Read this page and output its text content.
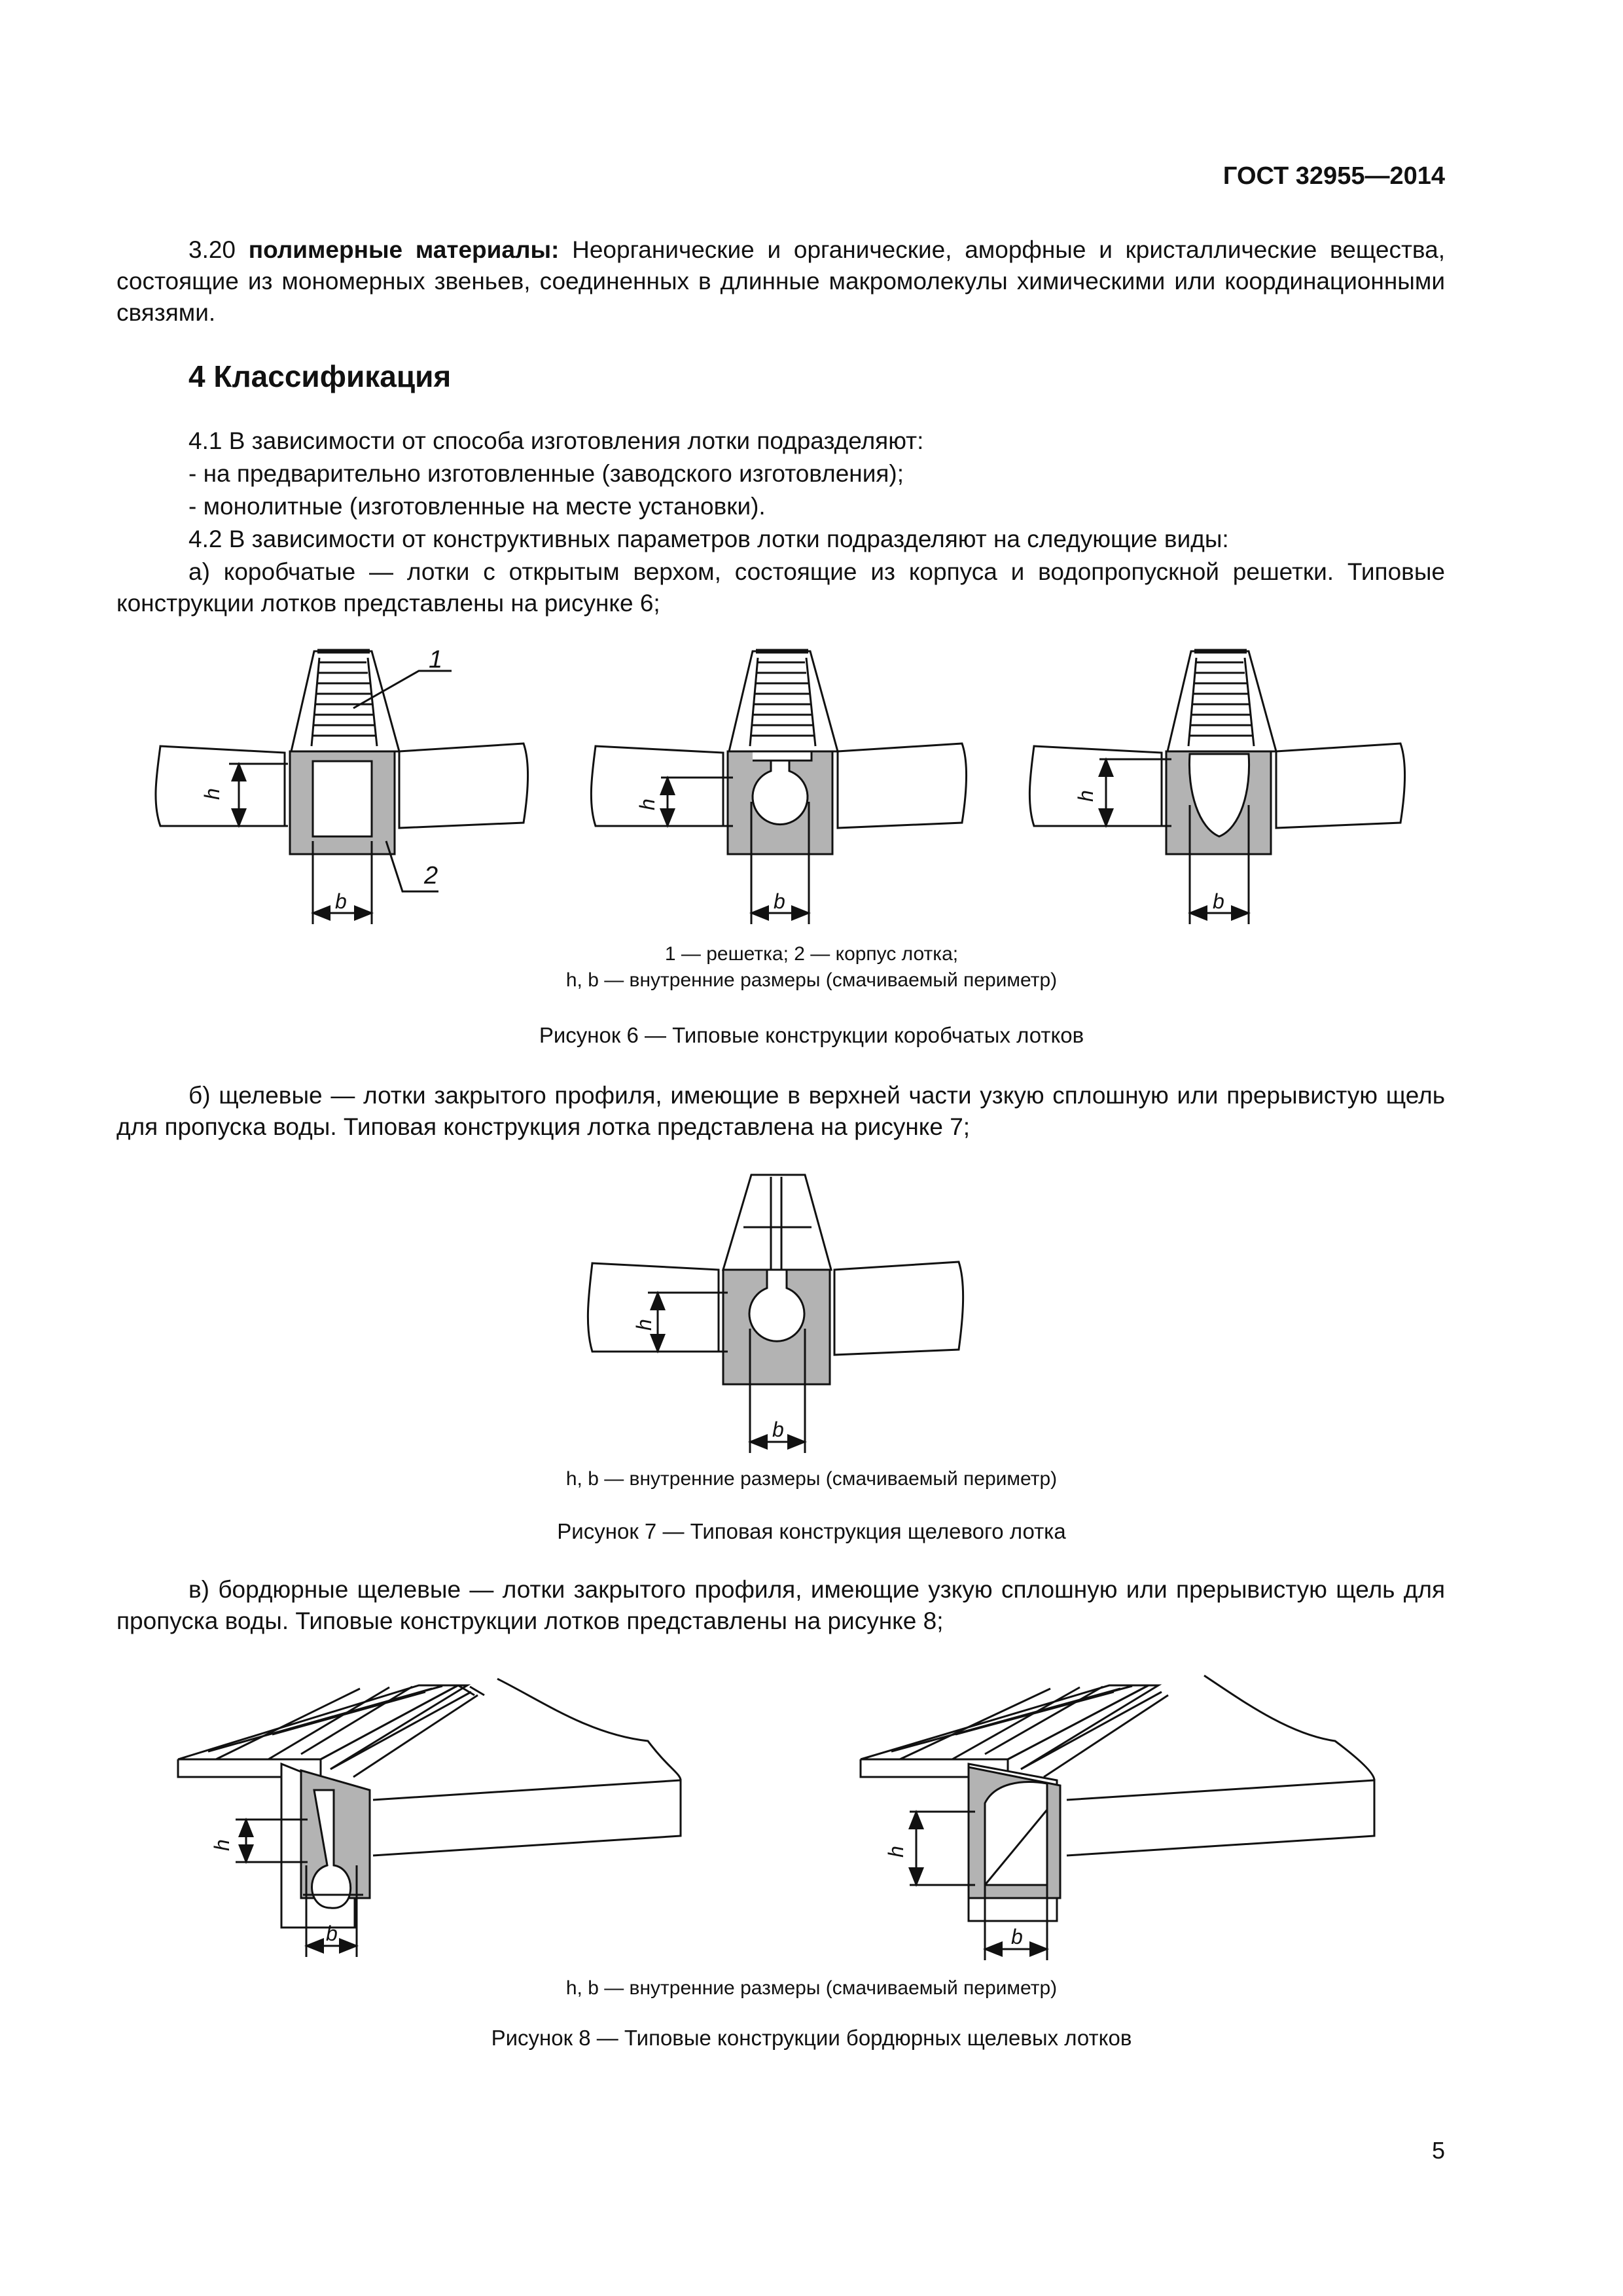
ГОСТ 32955—2014
3.20 полимерные материалы: Неорганические и органические, аморфные и кристаллические вещества, состоящие из мономерных звеньев, соединенных в длинные макромолекулы химическими или координационными связями.
4 Классификация
4.1 В зависимости от способа изготовления лотки подразделяют:
- на предварительно изготовленные (заводского изготовления);
- монолитные (изготовленные на месте установки).
4.2 В зависимости от конструктивных параметров лотки подразделяют на следующие виды:
а) коробчатые — лотки с открытым верхом, состоящие из корпуса и водопропускной решетки. Типовые конструкции лотков представлены на рисунке 6;
1
2
h
b
h
b
h
b
1 — решетка; 2 — корпус лотка;
h, b — внутренние размеры (смачиваемый периметр)
Рисунок 6 — Типовые конструкции коробчатых лотков
б) щелевые — лотки закрытого профиля, имеющие в верхней части узкую сплошную или прерывистую щель для пропуска воды. Типовая конструкция лотка представлена на рисунке 7;
h
b
h, b — внутренние размеры (смачиваемый периметр)
Рисунок 7 — Типовая конструкция щелевого лотка
в) бордюрные щелевые — лотки закрытого профиля, имеющие узкую сплошную или прерывистую щель для пропуска воды. Типовые конструкции лотков представлены на рисунке 8;
h
b
h
b
h, b — внутренние размеры (смачиваемый периметр)
Рисунок 8 — Типовые конструкции бордюрных щелевых лотков
5
